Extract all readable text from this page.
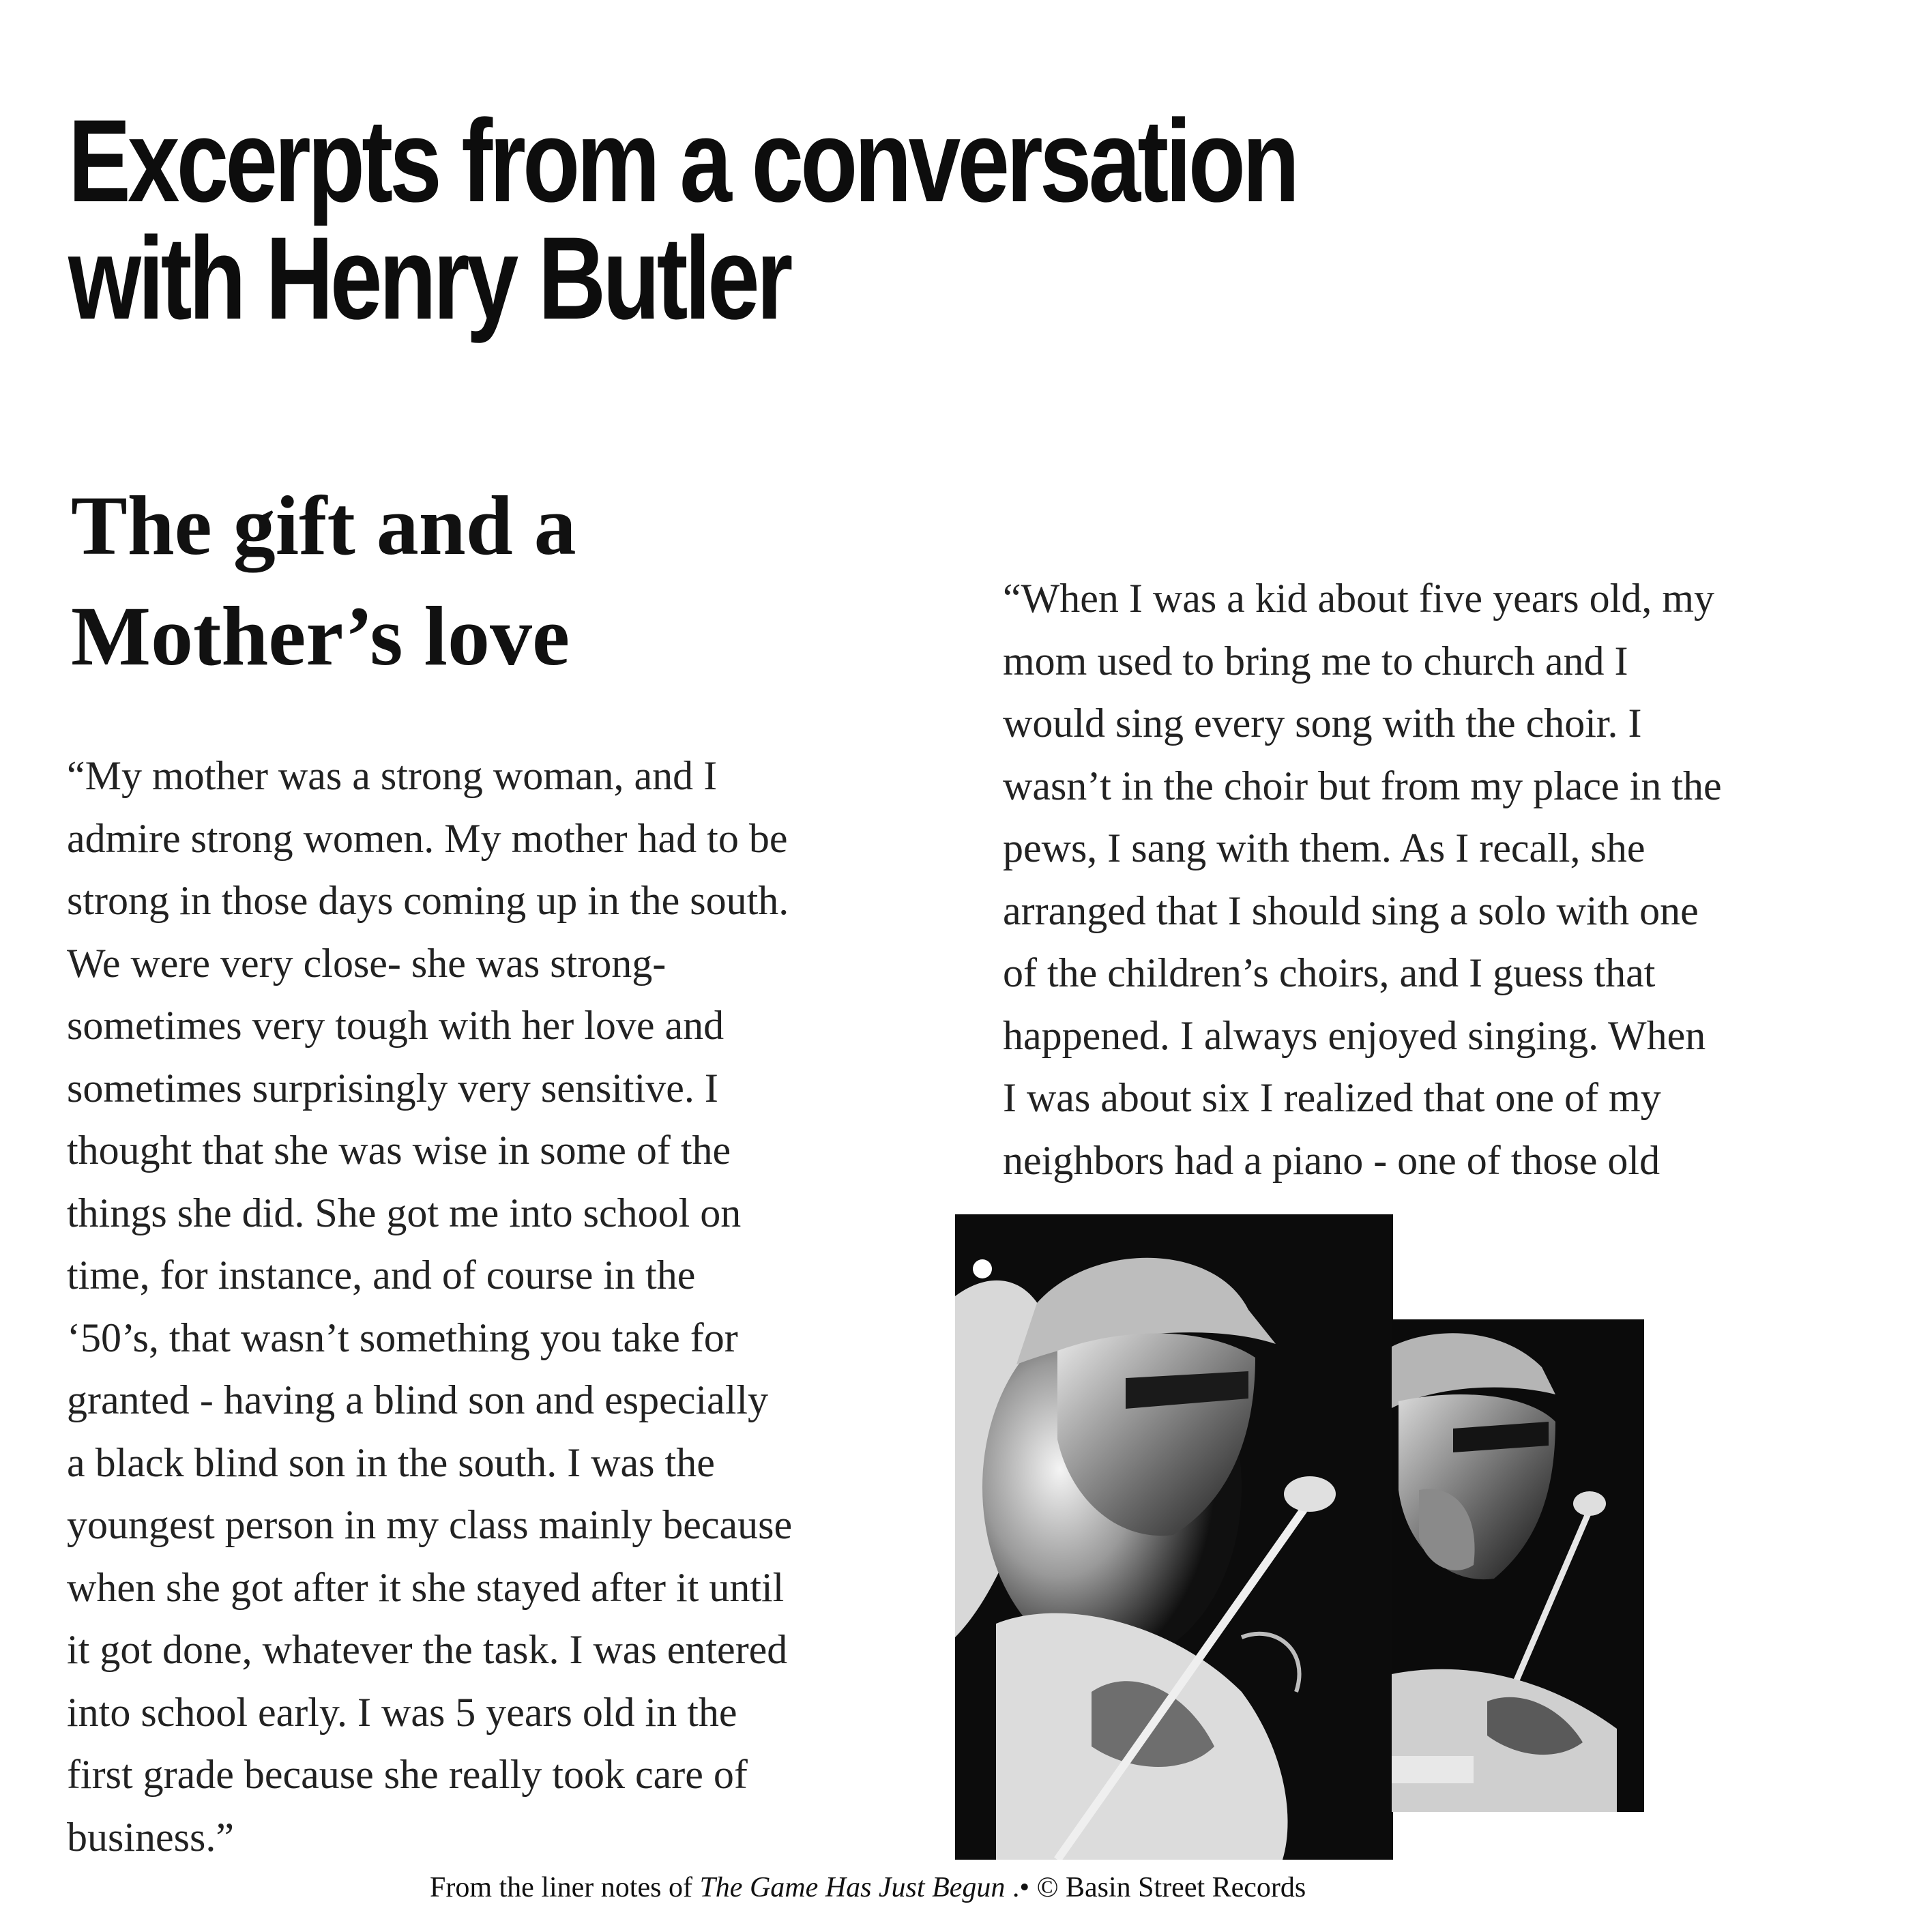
Excerpts from a conversation
with Henry Butler
The gift and a
Mother’s love	“When I was a kid about five years old, my
mom used to bring me to church and I
would sing every song with the choir. I
wasn’t in the choir but from my place in the
pews, I sang with them. As I recall, she
arranged that I should sing a solo with one
of the children’s choirs, and I guess that
happened. I always enjoyed singing. When
I was about six I realized that one of my
neighbors had a piano - one of those old
“My mother was a strong woman, and I
admire strong women. My mother had to be
strong in those days coming up in the south.
We were very close- she was strong-
sometimes very tough with her love and
sometimes surprisingly very sensitive. I
thought that she was wise in some of the
things she did. She got me into school on
time, for instance, and of course in the
‘50’s, that wasn’t something you take for
granted - having a blind son and especially
a black blind son in the south. I was the
youngest person in my class mainly because
when she got after it she stayed after it until
it got done, whatever the task. I was entered
into school early. I was 5 years old in the
first grade because she really took care of
business.”
From the liner notes of The Game Has Just Begun .• © Basin Street Records
